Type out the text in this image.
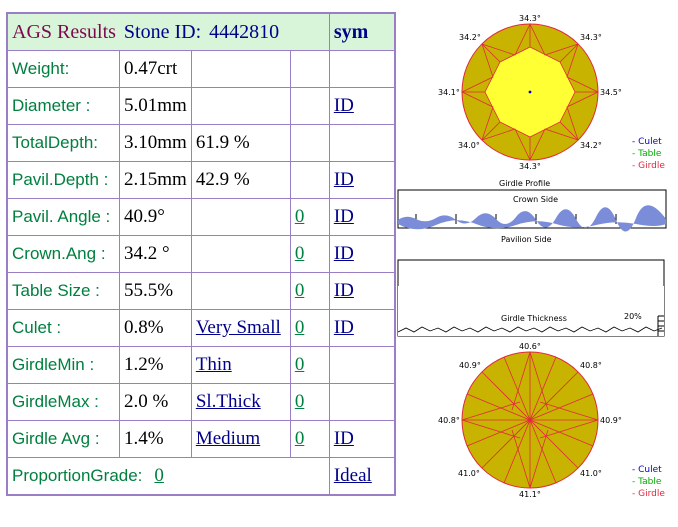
AGS Results Stone ID: 4442810				sym
Weight:	0.47crt			
Diameter :	5.01mm			ID
TotalDepth:	3.10mm	61.9 %		
Pavil.Depth :	2.15mm	42.9 %		ID
Pavil. Angle :	40.9°		0	ID
Crown.Ang :	34.2 °		0	ID
Table Size :	55.5%		0	ID
Culet :	0.8%	Very Small	0	ID
GirdleMin :	1.2%	Thin	0	
GirdleMax :	2.0 %	Sl.Thick	0	
Girdle Avg :	1.4%	Medium	0	ID
ProportionGrade: 0				Ideal
34.3°
34.2°	34.3°
34.1°	34.5°
34.0°	34.2°
34.3°
- Culet
- Table
- Girdle
Girdle Profile
Crown Side
Pavilion Side
Girdle Thickness	20%
40.6°
40.9°	40.8°
40.8°	40.9°
41.0°	41.0°
41.1°
- Culet
- Table
- Girdle
